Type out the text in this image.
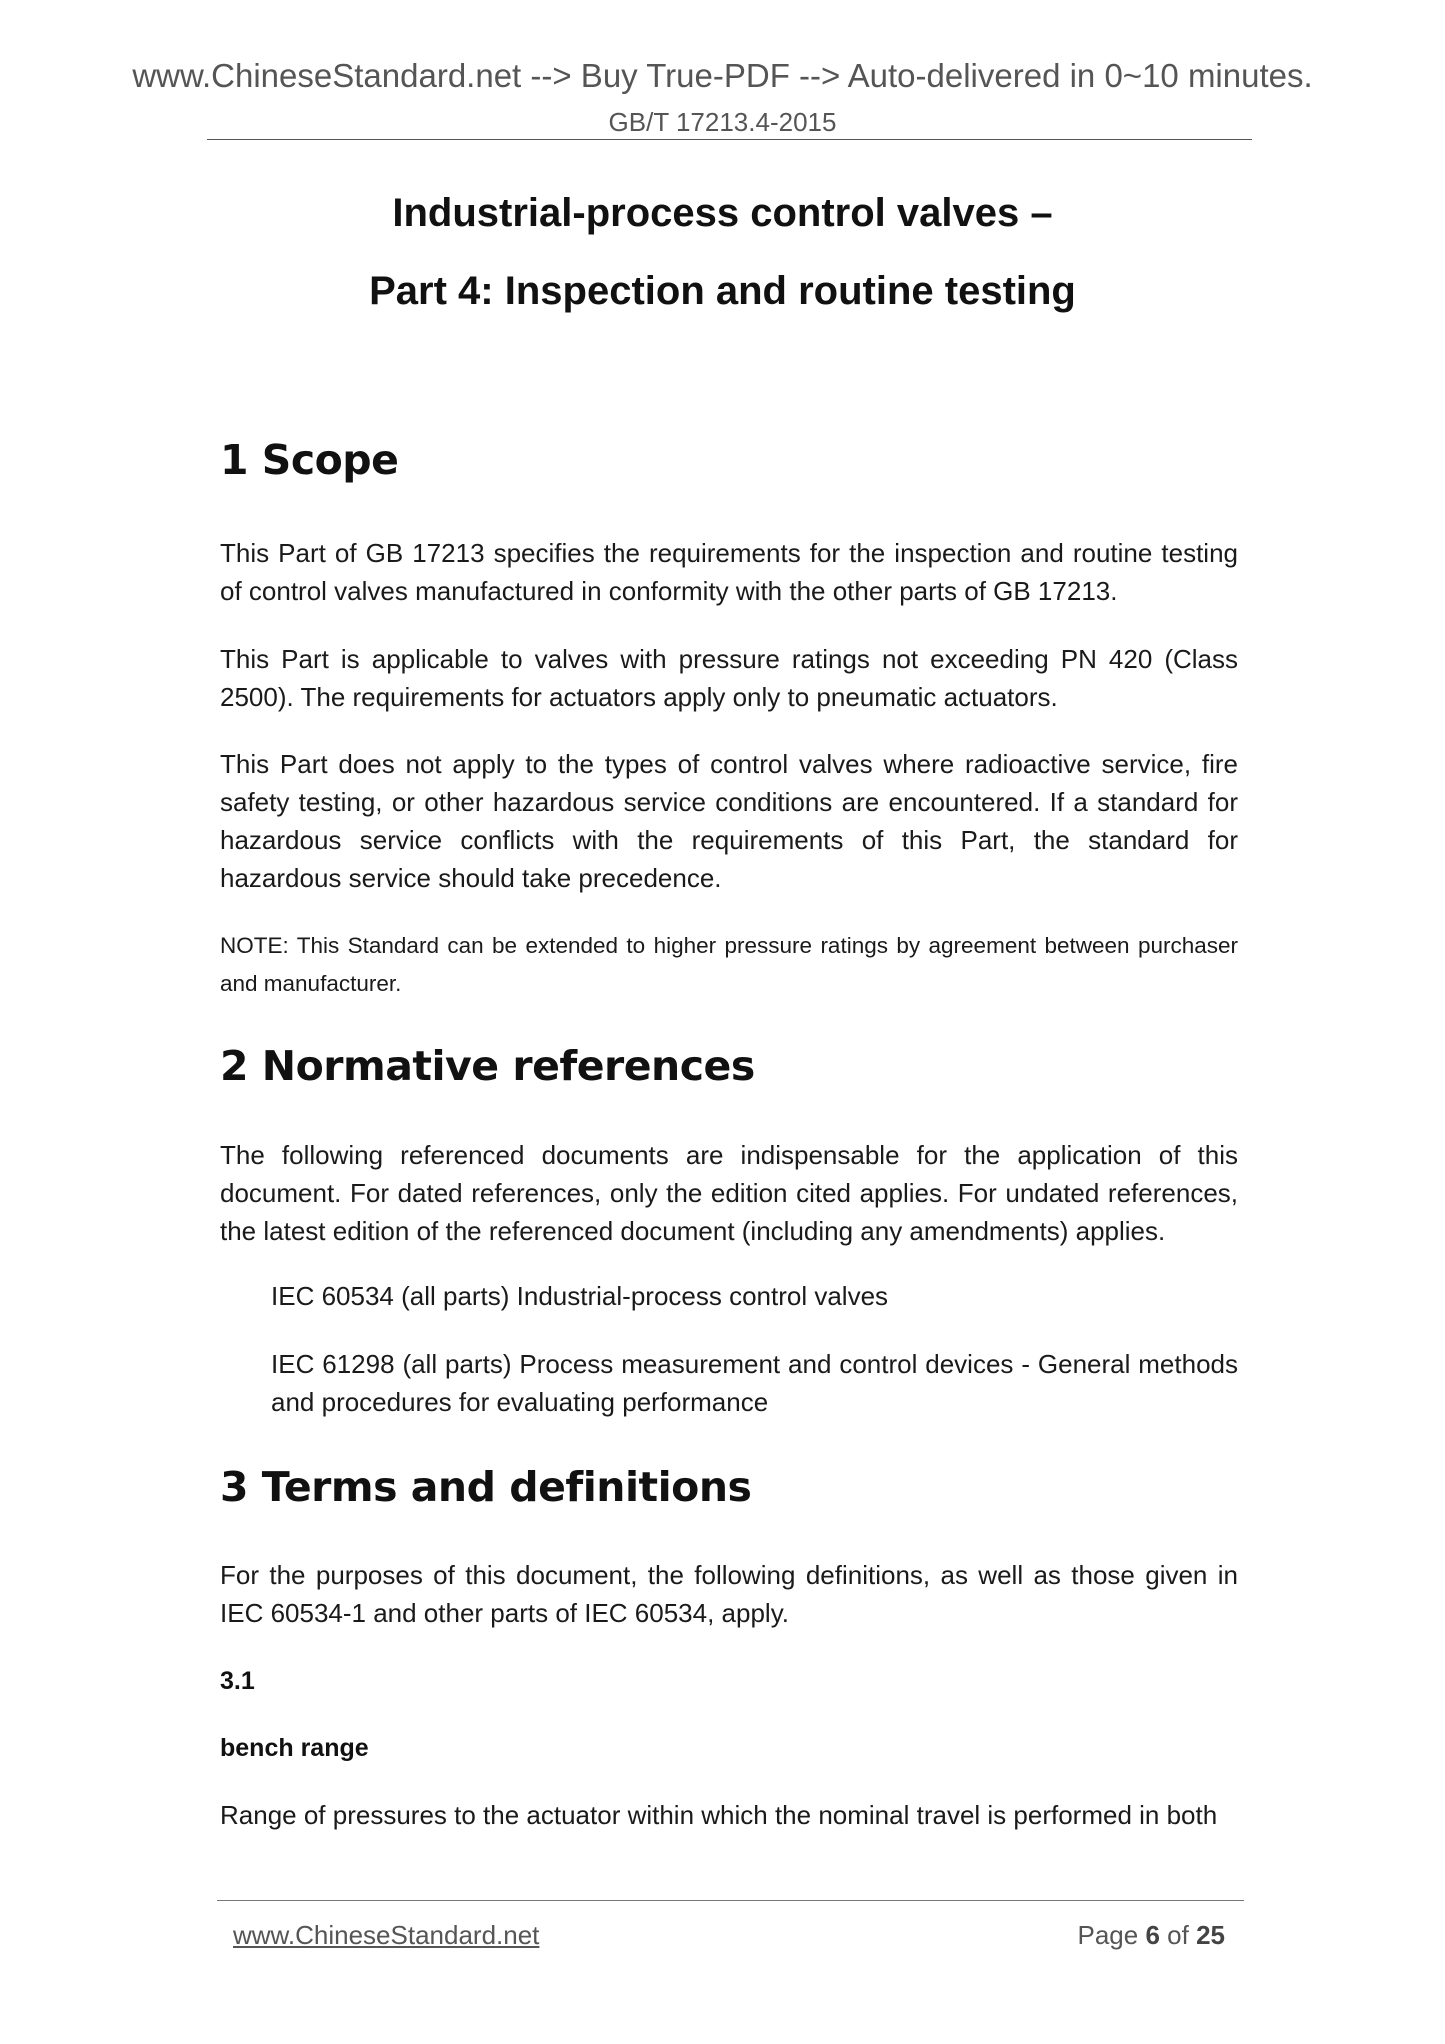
www.ChineseStandard.net --> Buy True-PDF --> Auto-delivered in 0~10 minutes.
GB/T 17213.4-2015
Industrial-process control valves –
Part 4: Inspection and routine testing
1 Scope
This Part of GB 17213 specifies the requirements for the inspection and routine testing of control valves manufactured in conformity with the other parts of GB 17213.
This Part is applicable to valves with pressure ratings not exceeding PN 420 (Class 2500). The requirements for actuators apply only to pneumatic actuators.
This Part does not apply to the types of control valves where radioactive service, fire safety testing, or other hazardous service conditions are encountered. If a standard for hazardous service conflicts with the requirements of this Part, the standard for hazardous service should take precedence.
NOTE: This Standard can be extended to higher pressure ratings by agreement between purchaser and manufacturer.
2 Normative references
The following referenced documents are indispensable for the application of this document. For dated references, only the edition cited applies. For undated references, the latest edition of the referenced document (including any amendments) applies.
IEC 60534 (all parts) Industrial-process control valves
IEC 61298 (all parts) Process measurement and control devices - General methods and procedures for evaluating performance
3 Terms and definitions
For the purposes of this document, the following definitions, as well as those given in IEC 60534-1 and other parts of IEC 60534, apply.
3.1
bench range
Range of pressures to the actuator within which the nominal travel is performed in both
www.ChineseStandard.net	Page 6 of 25
